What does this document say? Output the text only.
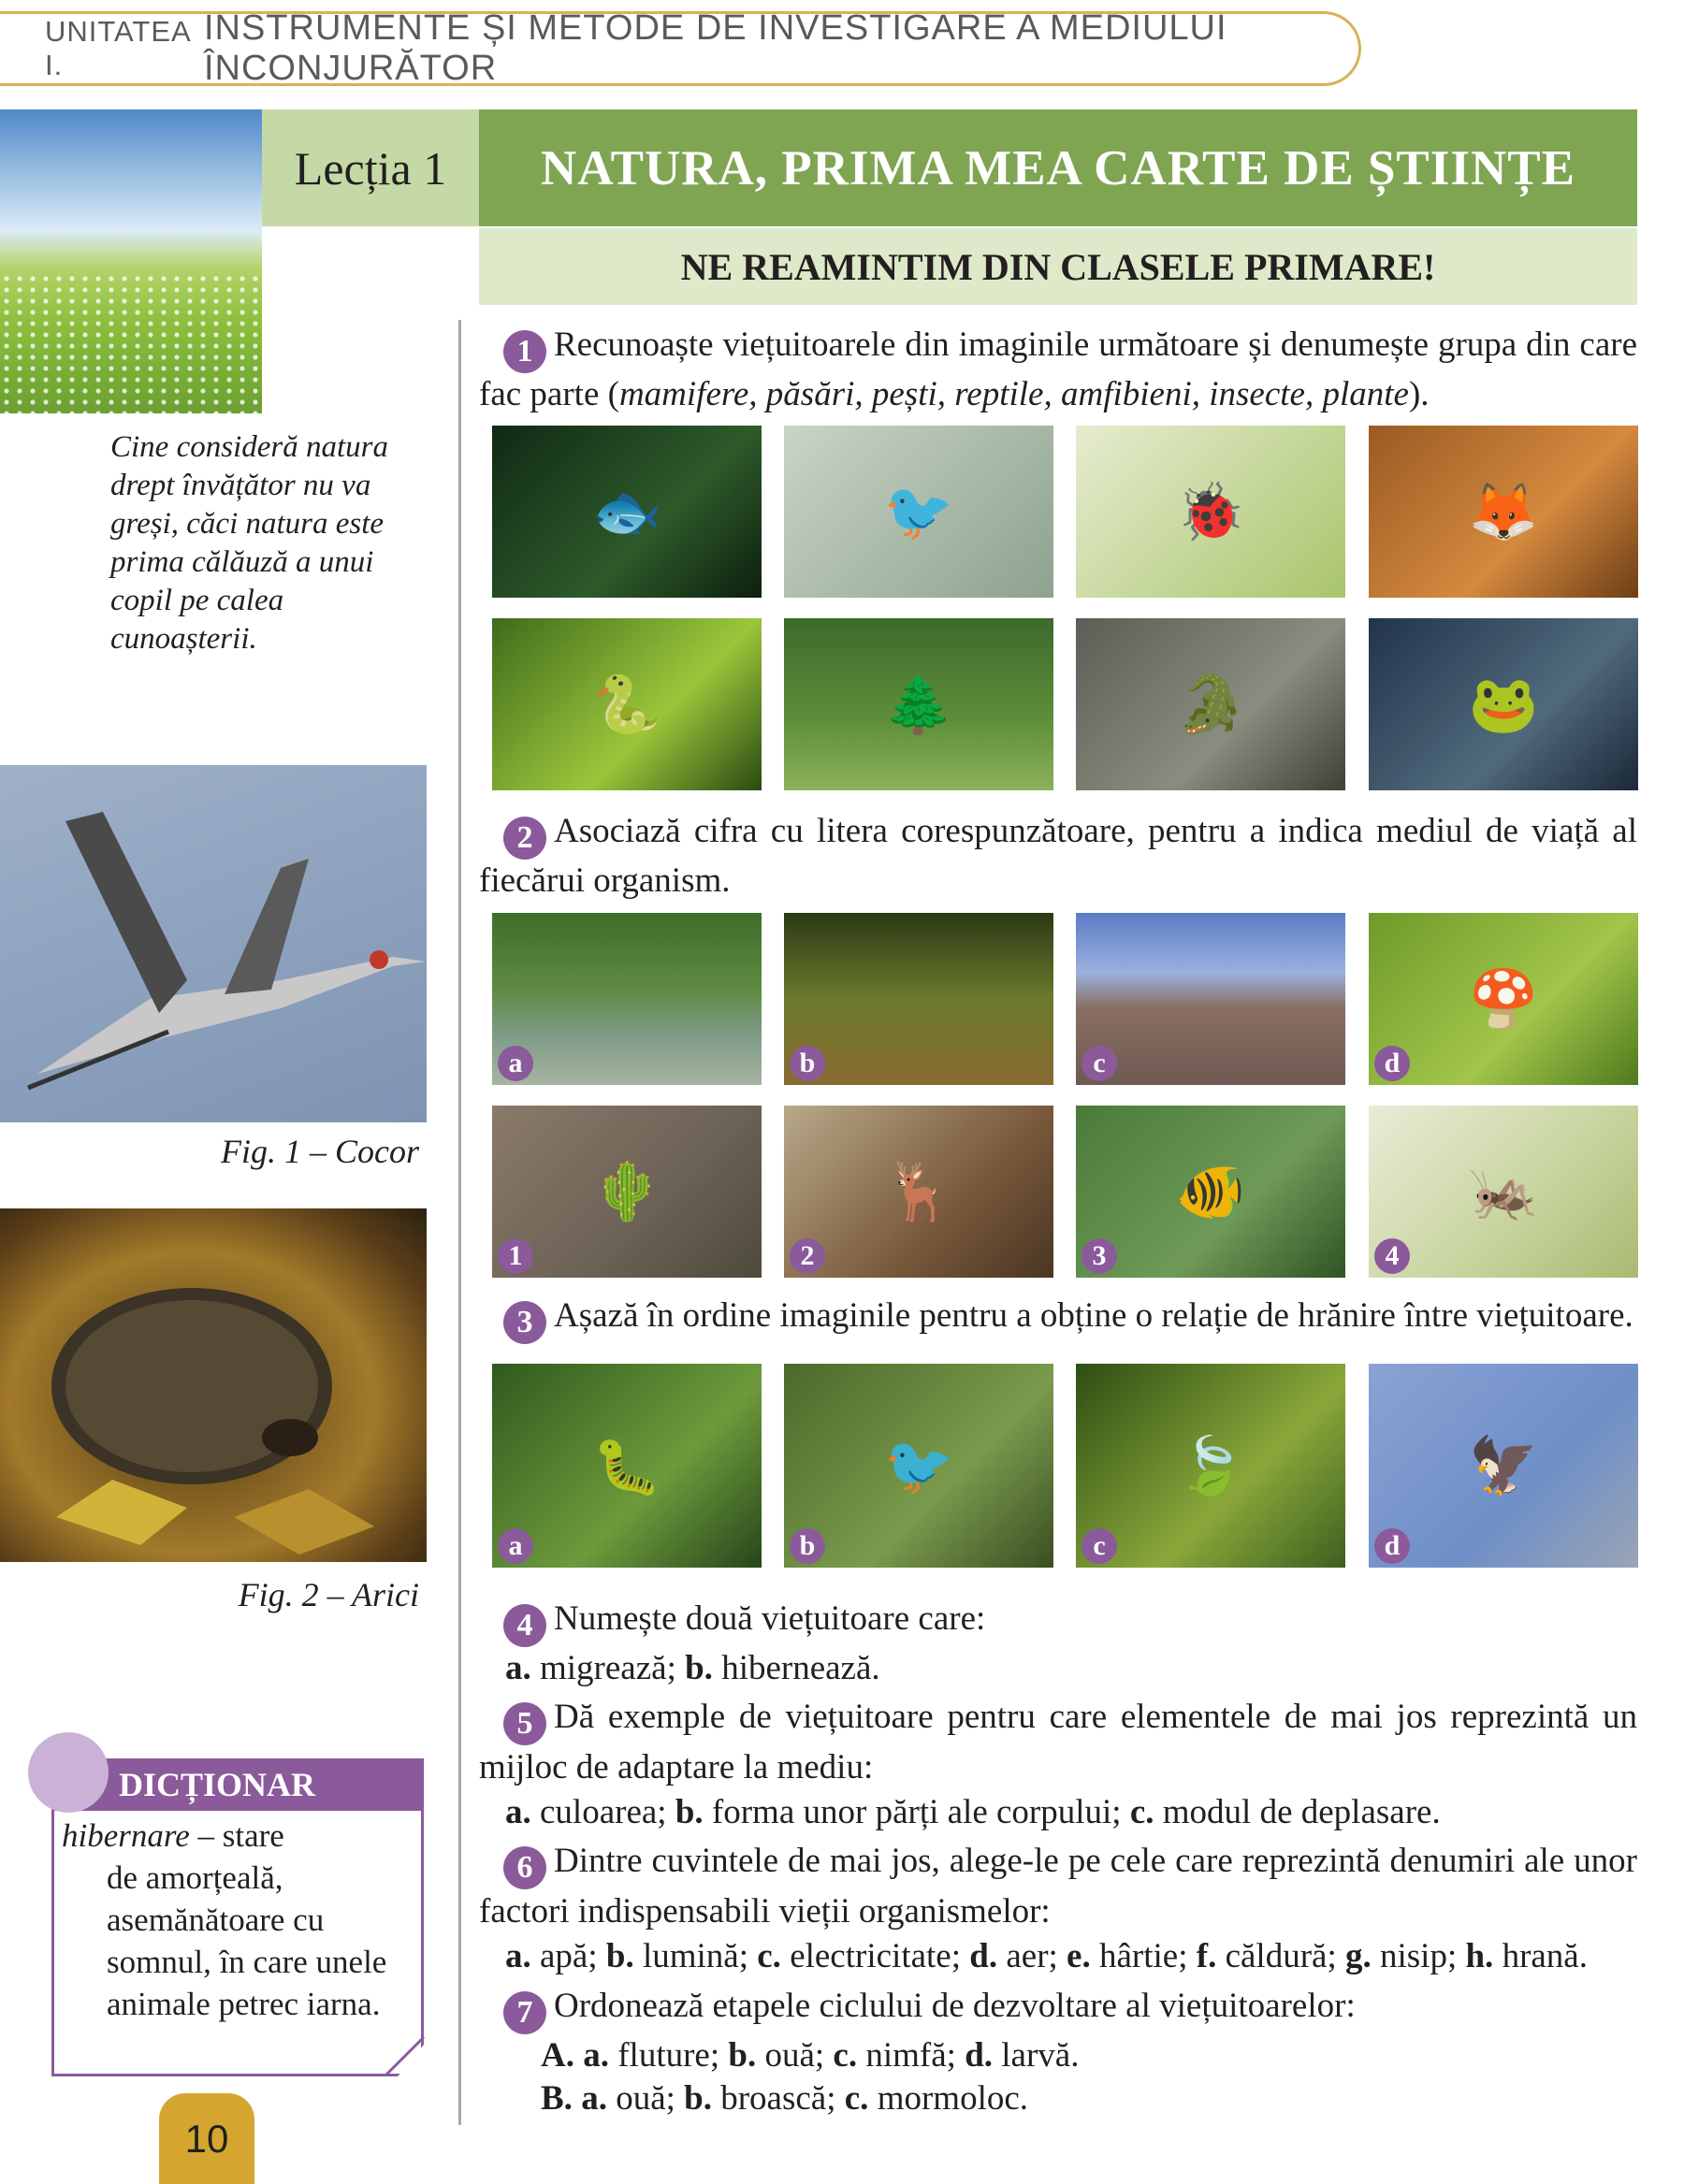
UNITATEA I.
INSTRUMENTE ȘI METODE DE INVESTIGARE A MEDIULUI ÎNCONJURĂTOR
Lecția 1	NATURA, PRIMA MEA CARTE DE ȘTIINȚE
NE REAMINTIM DIN CLASELE PRIMARE!
Cine consideră natura drept învățător nu va greși, căci natura este prima călăuză a unui copil pe calea cunoașterii.
Fig. 1 – Cocor
Fig. 2 – Arici
DICȚIONAR
hibernare – stare
de amorțeală, asemănătoare cu somnul, în care unele animale petrec iarna.
10
1 Recunoaște viețuitoarele din imaginile următoare și denumește grupa din care fac parte (mamifere, păsări, pești, reptile, amfibieni, insecte, plante).
🐟	🐦	🐞	🦊
🐍	🌲	🐊	🐸
2 Asociază cifra cu litera corespunzătoare, pentru a indica mediul de viață al fiecărui organism.
a	b	c
🍄
d
🌵
1
🦌
2
🐠
3
🦗
4
3 Așază în ordine imaginile pentru a obține o relație de hrănire între viețuitoare.
🐛
a
🐦
b
🍃
c
🦅
d
4 Numește două viețuitoare care:
a. migrează; b. hibernează.
5 Dă exemple de viețuitoare pentru care elementele de mai jos reprezintă un mijloc de adaptare la mediu:
a. culoarea; b. forma unor părți ale corpului; c. modul de deplasare.
6 Dintre cuvintele de mai jos, alege-le pe cele care reprezintă denumiri ale unor factori indispensabili vieții organismelor:
a. apă; b. lumină; c. electricitate; d. aer; e. hârtie; f. căldură; g. nisip; h. hrană.
7 Ordonează etapele ciclului de dezvoltare al viețuitoarelor:
A. a. fluture; b. ouă; c. nimfă; d. larvă.
B. a. ouă; b. broască; c. mormoloc.
